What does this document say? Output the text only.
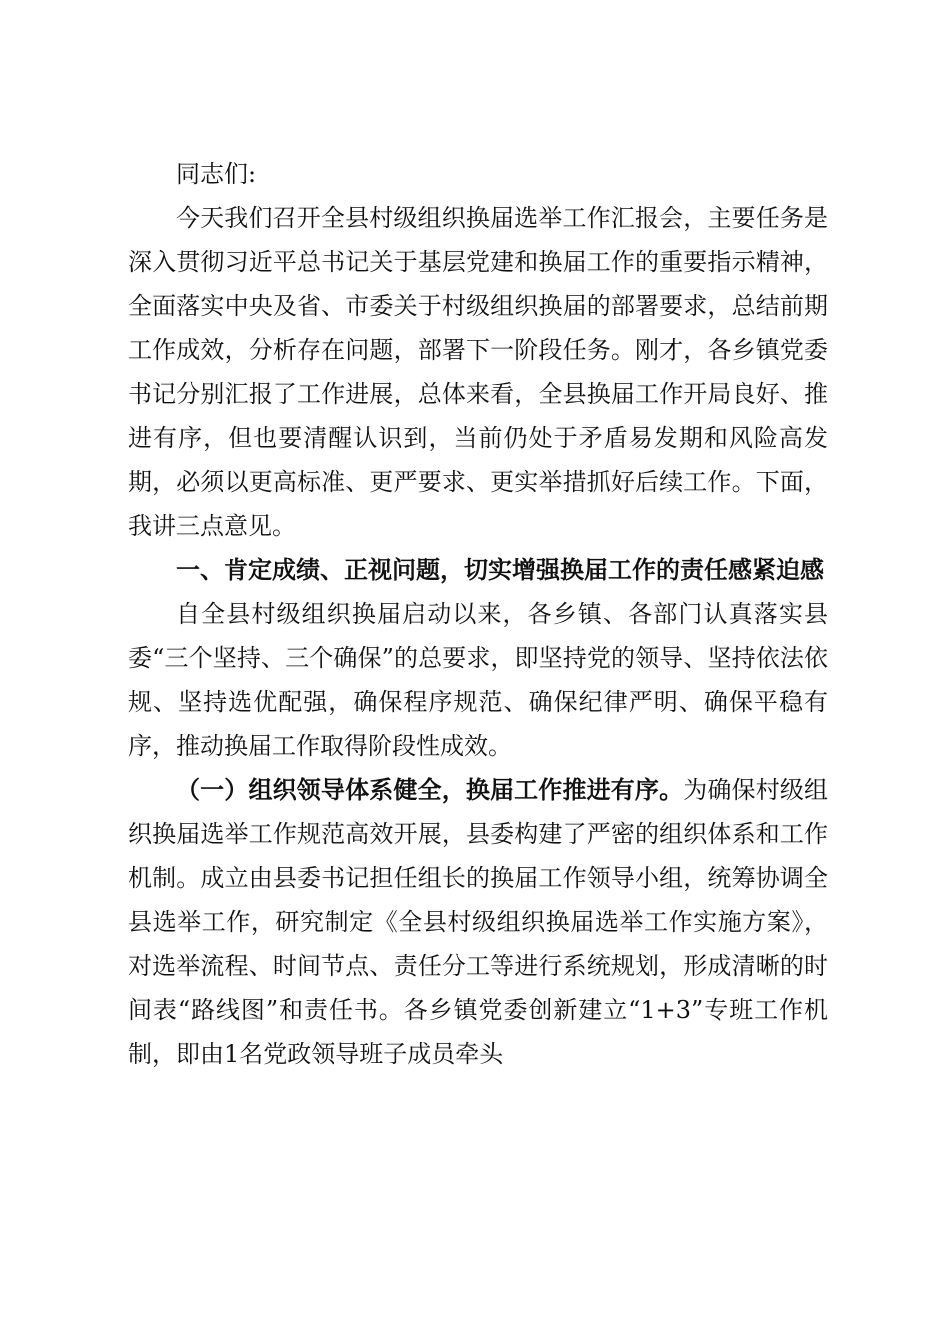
同志们:

今天我们召开全县村级组织换届选举工作汇报会，主要任务是深入贯彻习近平总书记关于基层党建和换届工作的重要指示精神，全面落实中央及省、市委关于村级组织换届的部署要求，总结前期工作成效，分析存在问题，部署下一阶段任务。刚才，各乡镇党委书记分别汇报了工作进展，总体来看，全县换届工作开局良好、推进有序，但也要清醒认识到，当前仍处于矛盾易发期和风险高发期，必须以更高标准、更严要求、更实举措抓好后续工作。下面，我讲三点意见。

一、肯定成绩、正视问题，切实增强换届工作的责任感紧迫感

自全县村级组织换届启动以来，各乡镇、各部门认真落实县委“三个坚持、三个确保”的总要求，即坚持党的领导、坚持依法依规、坚持选优配强，确保程序规范、确保纪律严明、确保平稳有序，推动换届工作取得阶段性成效。

（一）组织领导体系健全，换届工作推进有序。为确保村级组织换届选举工作规范高效开展，县委构建了严密的组织体系和工作机制。成立由县委书记担任组长的换届工作领导小组，统筹协调全县选举工作，研究制定《全县村级组织换届选举工作实施方案》，对选举流程、时间节点、责任分工等进行系统规划，形成清晰的时间表“路线图”和责任书。各乡镇党委创新建立“1+3”专班工作机制，即由1名党政领导班子成员牵头
